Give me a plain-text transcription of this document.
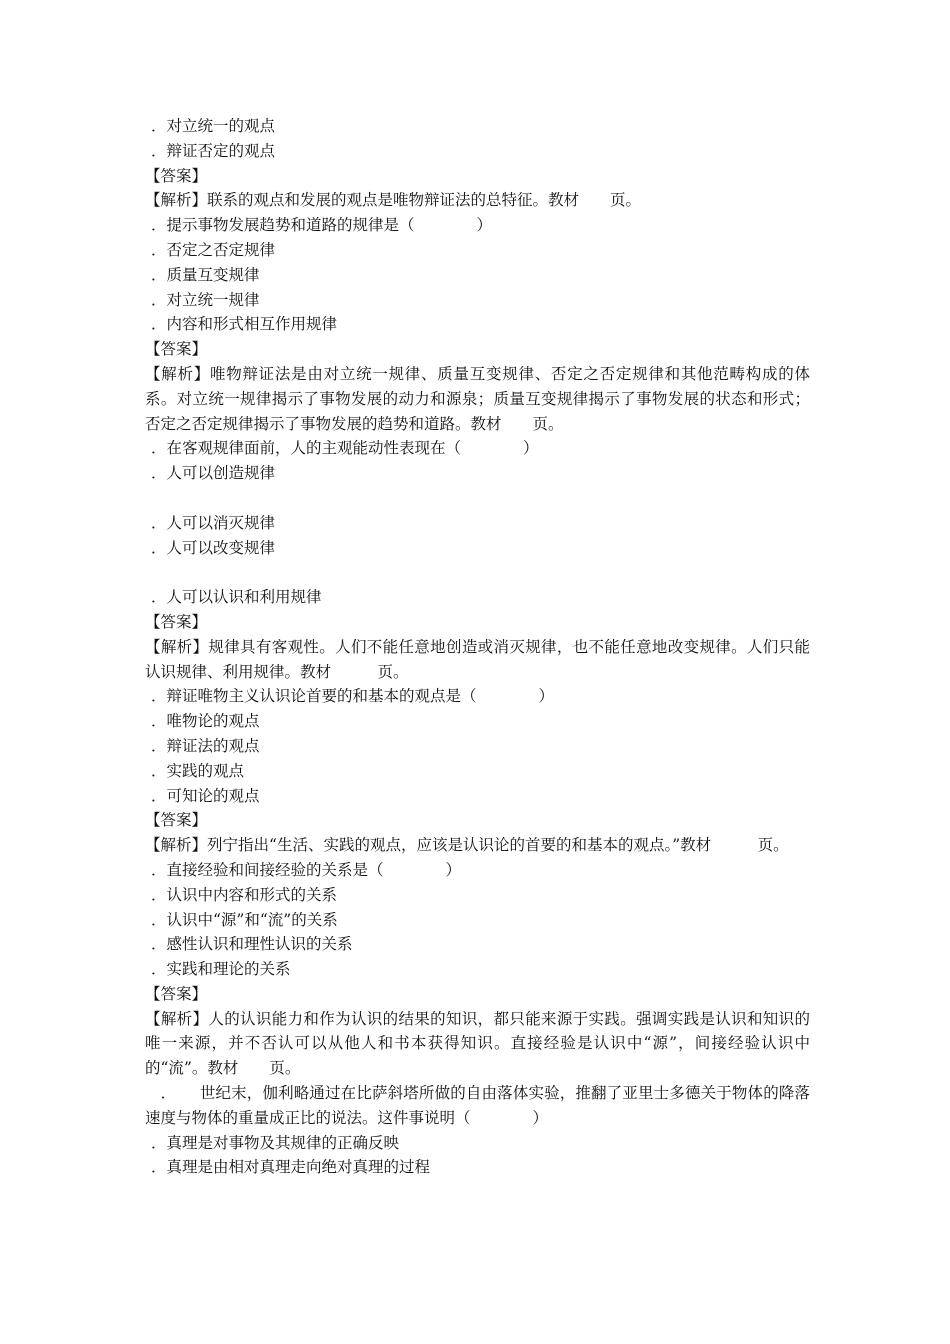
．对立统一的观点
．辩证否定的观点
【答案】
【解析】联系的观点和发展的观点是唯物辩证法的总特征。教材　　页。
．提示事物发展趋势和道路的规律是（　　　　）
．否定之否定规律
．质量互变规律
．对立统一规律
．内容和形式相互作用规律
【答案】
【解析】唯物辩证法是由对立统一规律、质量互变规律、否定之否定规律和其他范畴构成的体系。对立统一规律揭示了事物发展的动力和源泉；质量互变规律揭示了事物发展的状态和形式；否定之否定规律揭示了事物发展的趋势和道路。教材　　页。
．在客观规律面前，人的主观能动性表现在（　　　　）
．人可以创造规律
．人可以消灭规律
．人可以改变规律
．人可以认识和利用规律
【答案】
【解析】规律具有客观性。人们不能任意地创造或消灭规律，也不能任意地改变规律。人们只能认识规律、利用规律。教材　　　页。
．辩证唯物主义认识论首要的和基本的观点是（　　　　）
．唯物论的观点
．辩证法的观点
．实践的观点
．可知论的观点
【答案】
【解析】列宁指出“生活、实践的观点，应该是认识论的首要的和基本的观点。”教材　　　页。
．直接经验和间接经验的关系是（　　　　）
．认识中内容和形式的关系
．认识中“源”和“流”的关系
．感性认识和理性认识的关系
．实践和理论的关系
【答案】
【解析】人的认识能力和作为认识的结果的知识，都只能来源于实践。强调实践是认识和知识的唯一来源，并不否认可以从他人和书本获得知识。直接经验是认识中“源”，间接经验认识中的“流”。教材　　页。
　．　　世纪末，伽利略通过在比萨斜塔所做的自由落体实验，推翻了亚里士多德关于物体的降落速度与物体的重量成正比的说法。这件事说明（　　　　）
．真理是对事物及其规律的正确反映
．真理是由相对真理走向绝对真理的过程
